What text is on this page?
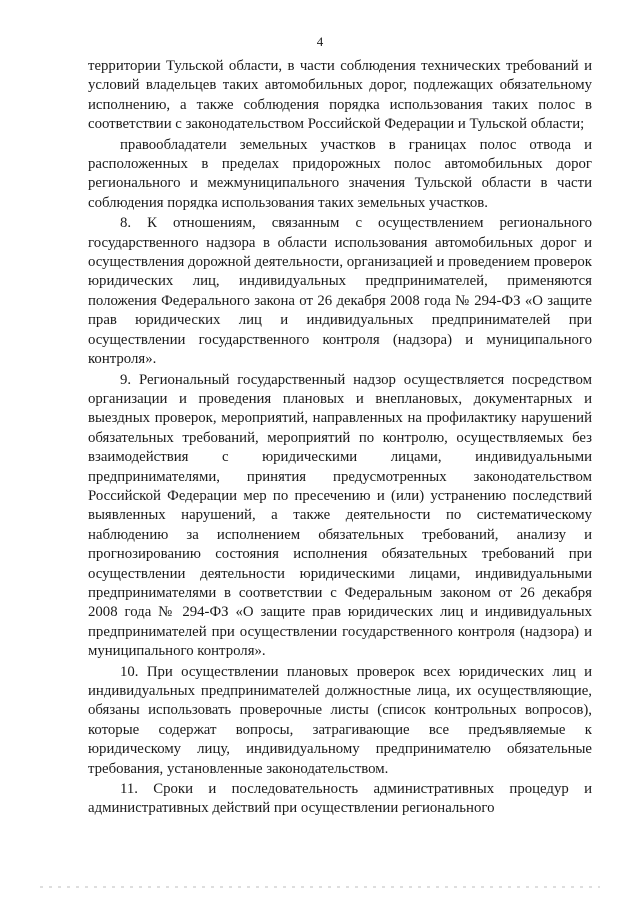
4

территории Тульской области, в части соблюдения технических требований и условий владельцев таких автомобильных дорог, подлежащих обязательному исполнению, а также соблюдения порядка использования таких полос в соответствии с законодательством Российской Федерации и Тульской области;

правообладатели земельных участков в границах полос отвода и расположенных в пределах придорожных полос автомобильных дорог регионального и межмуниципального значения Тульской области в части соблюдения порядка использования таких земельных участков.

8. К отношениям, связанным с осуществлением регионального государственного надзора в области использования автомобильных дорог и осуществления дорожной деятельности, организацией и проведением проверок юридических лиц, индивидуальных предпринимателей, применяются положения Федерального закона от 26 декабря 2008 года № 294-ФЗ «О защите прав юридических лиц и индивидуальных предпринимателей при осуществлении государственного контроля (надзора) и муниципального контроля».

9. Региональный государственный надзор осуществляется посредством организации и проведения плановых и внеплановых, документарных и выездных проверок, мероприятий, направленных на профилактику нарушений обязательных требований, мероприятий по контролю, осуществляемых без взаимодействия с юридическими лицами, индивидуальными предпринимателями, принятия предусмотренных законодательством Российской Федерации мер по пресечению и (или) устранению последствий выявленных нарушений, а также деятельности по систематическому наблюдению за исполнением обязательных требований, анализу и прогнозированию состояния исполнения обязательных требований при осуществлении деятельности юридическими лицами, индивидуальными предпринимателями в соответствии с Федеральным законом от 26 декабря 2008 года № 294-ФЗ «О защите прав юридических лиц и индивидуальных предпринимателей при осуществлении государственного контроля (надзора) и муниципального контроля».

10. При осуществлении плановых проверок всех юридических лиц и индивидуальных предпринимателей должностные лица, их осуществляющие, обязаны использовать проверочные листы (список контрольных вопросов), которые содержат вопросы, затрагивающие все предъявляемые к юридическому лицу, индивидуальному предпринимателю обязательные требования, установленные законодательством.

11. Сроки и последовательность административных процедур и административных действий при осуществлении регионального
